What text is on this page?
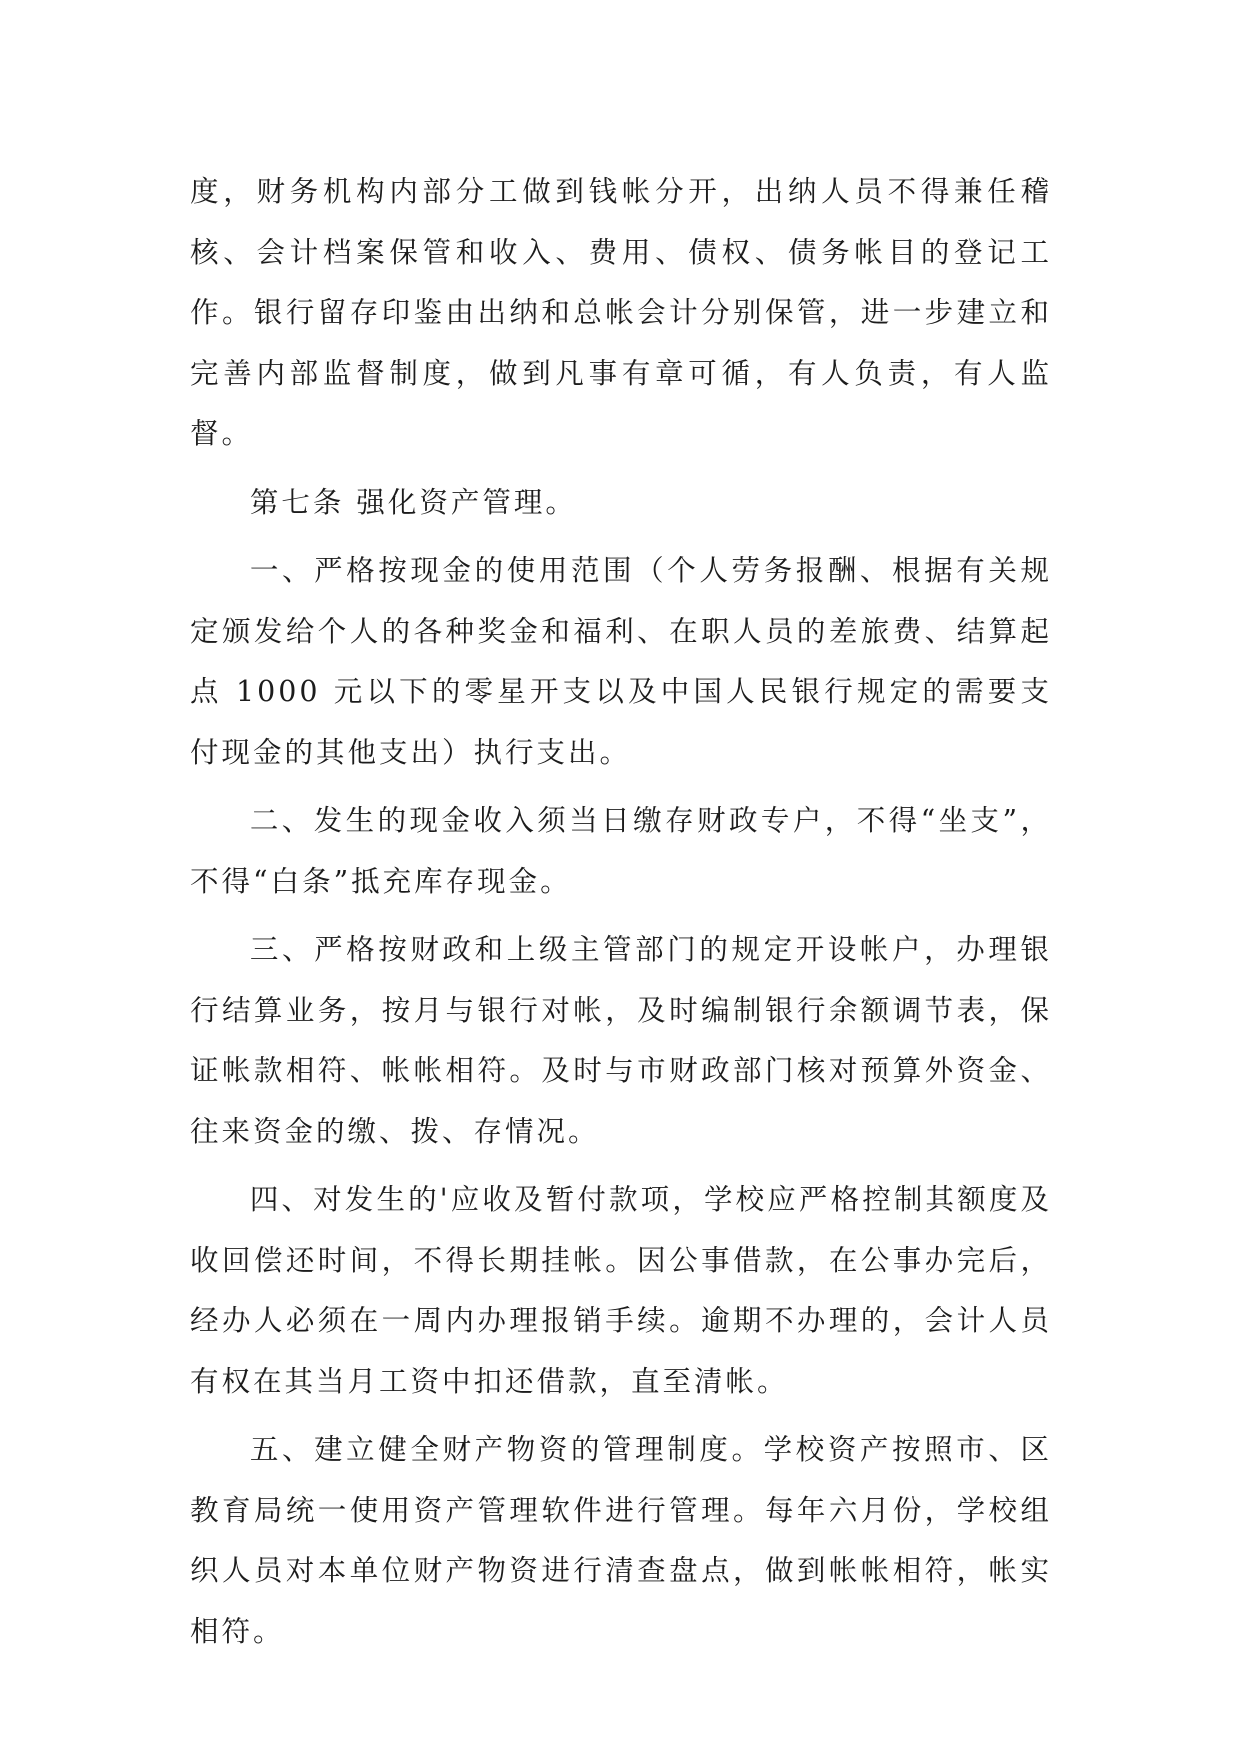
度，财务机构内部分工做到钱帐分开，出纳人员不得兼任稽核、会计档案保管和收入、费用、债权、债务帐目的登记工作。银行留存印鉴由出纳和总帐会计分别保管，进一步建立和完善内部监督制度，做到凡事有章可循，有人负责，有人监督。

第七条 强化资产管理。

一、严格按现金的使用范围（个人劳务报酬、根据有关规定颁发给个人的各种奖金和福利、在职人员的差旅费、结算起点 1000 元以下的零星开支以及中国人民银行规定的需要支付现金的其他支出）执行支出。

二、发生的现金收入须当日缴存财政专户，不得“坐支”，不得“白条”抵充库存现金。

三、严格按财政和上级主管部门的规定开设帐户，办理银行结算业务，按月与银行对帐，及时编制银行余额调节表，保证帐款相符、帐帐相符。及时与市财政部门核对预算外资金、往来资金的缴、拨、存情况。

四、对发生的'应收及暂付款项，学校应严格控制其额度及收回偿还时间，不得长期挂帐。因公事借款，在公事办完后，经办人必须在一周内办理报销手续。逾期不办理的，会计人员有权在其当月工资中扣还借款，直至清帐。

五、建立健全财产物资的管理制度。学校资产按照市、区教育局统一使用资产管理软件进行管理。每年六月份，学校组织人员对本单位财产物资进行清查盘点，做到帐帐相符，帐实相符。
